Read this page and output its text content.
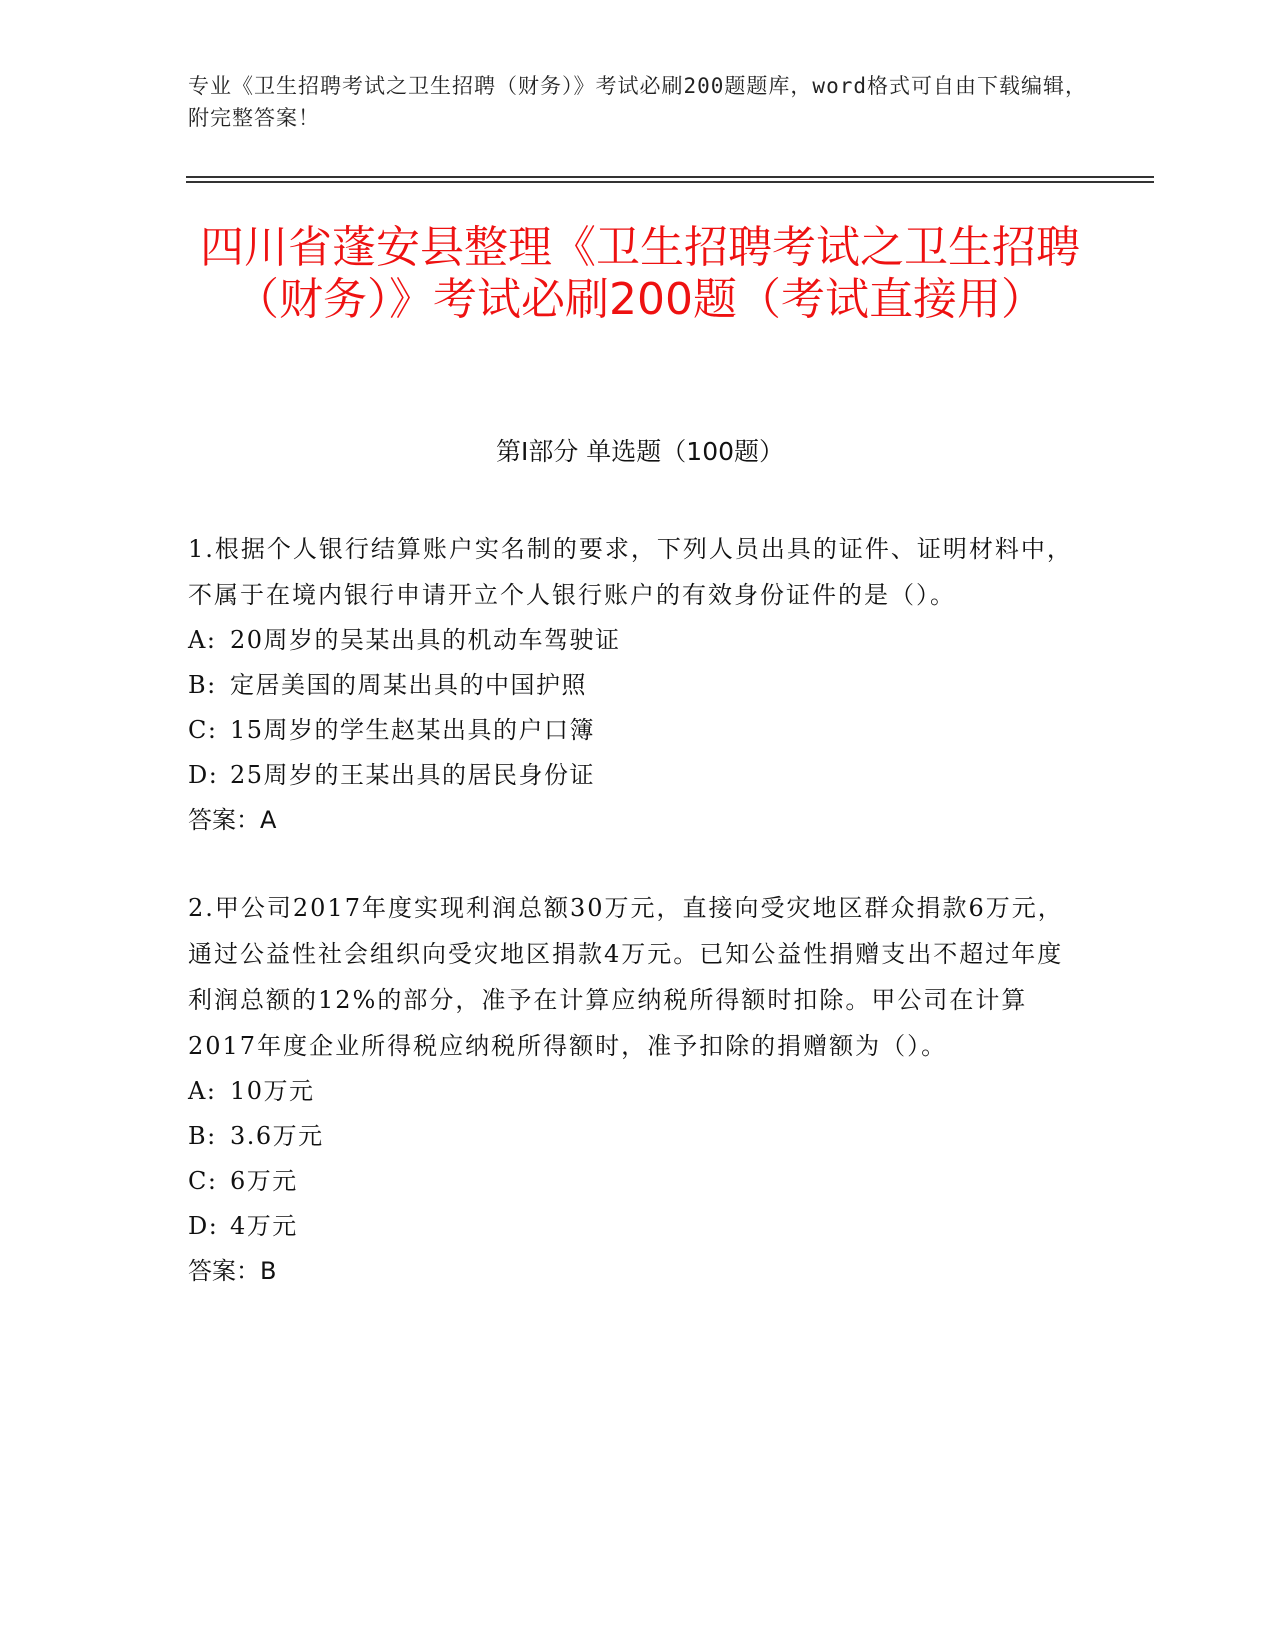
专业《卫生招聘考试之卫生招聘（财务）》考试必刷200题题库，word格式可自由下载编辑，附完整答案！
四川省蓬安县整理《卫生招聘考试之卫生招聘（财务）》考试必刷200题（考试直接用）
第I部分 单选题（100题）

1.根据个人银行结算账户实名制的要求，下列人员出具的证件、证明材料中，不属于在境内银行申请开立个人银行账户的有效身份证件的是（）。

A: 20周岁的吴某出具的机动车驾驶证

B: 定居美国的周某出具的中国护照

C: 15周岁的学生赵某出具的户口簿

D: 25周岁的王某出具的居民身份证

答案：A

2.甲公司2017年度实现利润总额30万元，直接向受灾地区群众捐款6万元，通过公益性社会组织向受灾地区捐款4万元。已知公益性捐赠支出不超过年度利润总额的12%的部分，准予在计算应纳税所得额时扣除。甲公司在计算2017年度企业所得税应纳税所得额时，准予扣除的捐赠额为（）。

A: 10万元

B: 3.6万元

C: 6万元

D: 4万元

答案：B
